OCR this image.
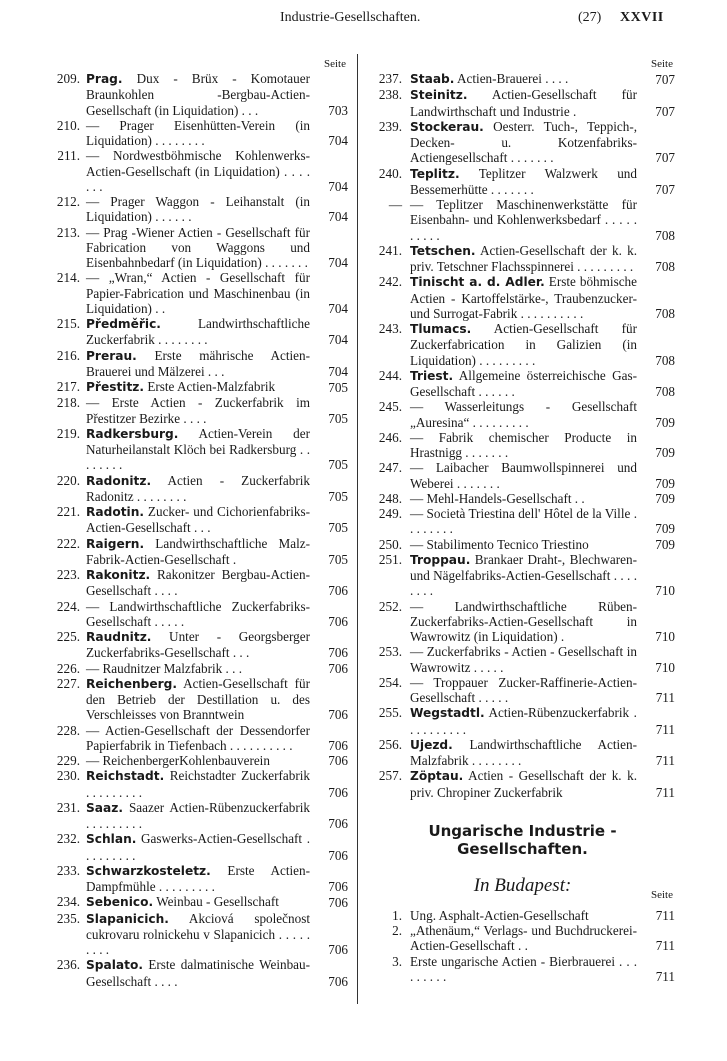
Industrie-Gesellschaften.	(27) XXVII
Seite
209. Prag. Dux - Brüx - Komotauer Braunkohlen -Bergbau-Actien-Gesellschaft (in Liquidation) . . .	703
210. — Prager Eisenhütten-Verein (in Liquidation) . . . . . . . .	704
211. — Nordwestböhmische Kohlenwerks-Actien-Gesellschaft (in Liquidation) . . . . . . .	704
212. — Prager Waggon - Leihanstalt (in Liquidation) . . . . . .	704
213. — Prag -Wiener Actien - Gesellschaft für Fabrication von Waggons und Eisenbahnbedarf (in Liquidation) . . . . . . .	704
214. — „Wran,“ Actien - Gesellschaft für Papier-Fabrication und Maschinenbau (in Liquidation) . .	704
215. Předměřic.	Landwirthschaftliche Zuckerfabrik . . . . . . . .	704
216. Prerau. Erste mährische Actien-Brauerei und Mälzerei . . .	704
217. Přestitz. Erste Actien-Malzfabrik	705
218. — Erste Actien - Zuckerfabrik im Přestitzer Bezirke . . . .	705
219. Radkersburg. Actien-Verein der Naturheilanstalt Klöch bei Radkersburg . . . . . . . .	705
220. Radonitz. Actien - Zuckerfabrik Radonitz . . . . . . . .	705
221. Radotin. Zucker- und Cichorienfabriks-Actien-Gesellschaft . . .	705
222. Raigern. Landwirthschaftliche Malz-Fabrik-Actien-Gesellschaft .	705
223. Rakonitz. Rakonitzer Bergbau-Actien-Gesellschaft . . . .	706
224. — Landwirthschaftliche Zuckerfabriks-Gesellschaft . . . . .	706
225. Raudnitz. Unter - Georgsberger Zuckerfabriks-Gesellschaft . . .	706
226. — Raudnitzer Malzfabrik . . .	706
227. Reichenberg. Actien-Gesellschaft für den Betrieb der Destillation u. des Verschleisses von Branntwein	706
228. — Actien-Gesellschaft der Dessendorfer Papierfabrik in Tiefenbach . . . . . . . . . .	706
229. — ReichenbergerKohlenbauverein	706
230. Reichstadt. Reichstadter Zuckerfabrik . . . . . . . . .	706
231. Saaz. Saazer Actien-Rübenzuckerfabrik . . . . . . . . .	706
232. Schlan. Gaswerks-Actien-Gesellschaft . . . . . . . . .	706
233. Schwarzkosteletz. Erste Actien-Dampfmühle . . . . . . . . .	706
234. Sebenico. Weinbau - Gesellschaft	706
235. Slapanicich. Akciová společnost cukrovaru rolnickehu v Slapanicich . . . . . . . . .	706
236. Spalato. Erste dalmatinische Weinbau-Gesellschaft . . . .	706
Seite
237. Staab. Actien-Brauerei . . . .	707
238. Steinitz. Actien-Gesellschaft für Landwirthschaft und Industrie .	707
239. Stockerau. Oesterr. Tuch-, Teppich-, Decken- u. Kotzenfabriks-Actiengesellschaft . . . . . . .	707
240. Teplitz. Teplitzer Walzwerk und Bessemerhütte . . . . . . .	707
— — Teplitzer Maschinenwerkstätte für Eisenbahn- und Kohlenwerksbedarf . . . . . . . . . .	708
241. Tetschen. Actien-Gesellschaft der k. k. priv. Tetschner Flachsspinnerei . . . . . . . . .	708
242. Tinischt a. d. Adler. Erste böhmische Actien - Kartoffelstärke-, Traubenzucker- und Surrogat-Fabrik . . . . . . . . . .	708
243. Tlumacs. Actien-Gesellschaft für Zuckerfabrication in Galizien (in Liquidation) . . . . . . . . .	708
244. Triest. Allgemeine österreichische Gas-Gesellschaft . . . . . .	708
245. — Wasserleitungs - Gesellschaft „Auresina“ . . . . . . . . .	709
246. — Fabrik chemischer Producte in Hrastnigg . . . . . . .	709
247. — Laibacher Baumwollspinnerei und Weberei . . . . . . .	709
248. — Mehl-Handels-Gesellschaft . .	709
249. — Società Triestina dell' Hôtel de la Ville . . . . . . . .	709
250. — Stabilimento Tecnico Triestino	709
251. Troppau. Brankaer Draht-, Blechwaren- und Nägelfabriks-Actien-Gesellschaft . . . . . . . .	710
252. — Landwirthschaftliche Rüben-Zuckerfabriks-Actien-Gesellschaft in Wawrowitz (in Liquidation) .	710
253. — Zuckerfabriks - Actien - Gesellschaft in Wawrowitz . . . . .	710
254. — Troppauer Zucker-Raffinerie-Actien-Gesellschaft . . . . .	711
255. Wegstadtl. Actien-Rübenzuckerfabrik . . . . . . . . . .	711
256. Ujezd. Landwirthschaftliche Actien-Malzfabrik . . . . . . . .	711
257. Zöptau. Actien - Gesellschaft der k. k. priv. Chropiner Zuckerfabrik	711
Ungarische Industrie - Gesellschaften.
In Budapest:	Seite
1. Ung. Asphalt-Actien-Gesellschaft	711
2. „Athenäum,“ Verlags- und Buchdruckerei-Actien-Gesellschaft . .	711
3. Erste ungarische Actien - Bierbrauerei . . . . . . . . .	711
